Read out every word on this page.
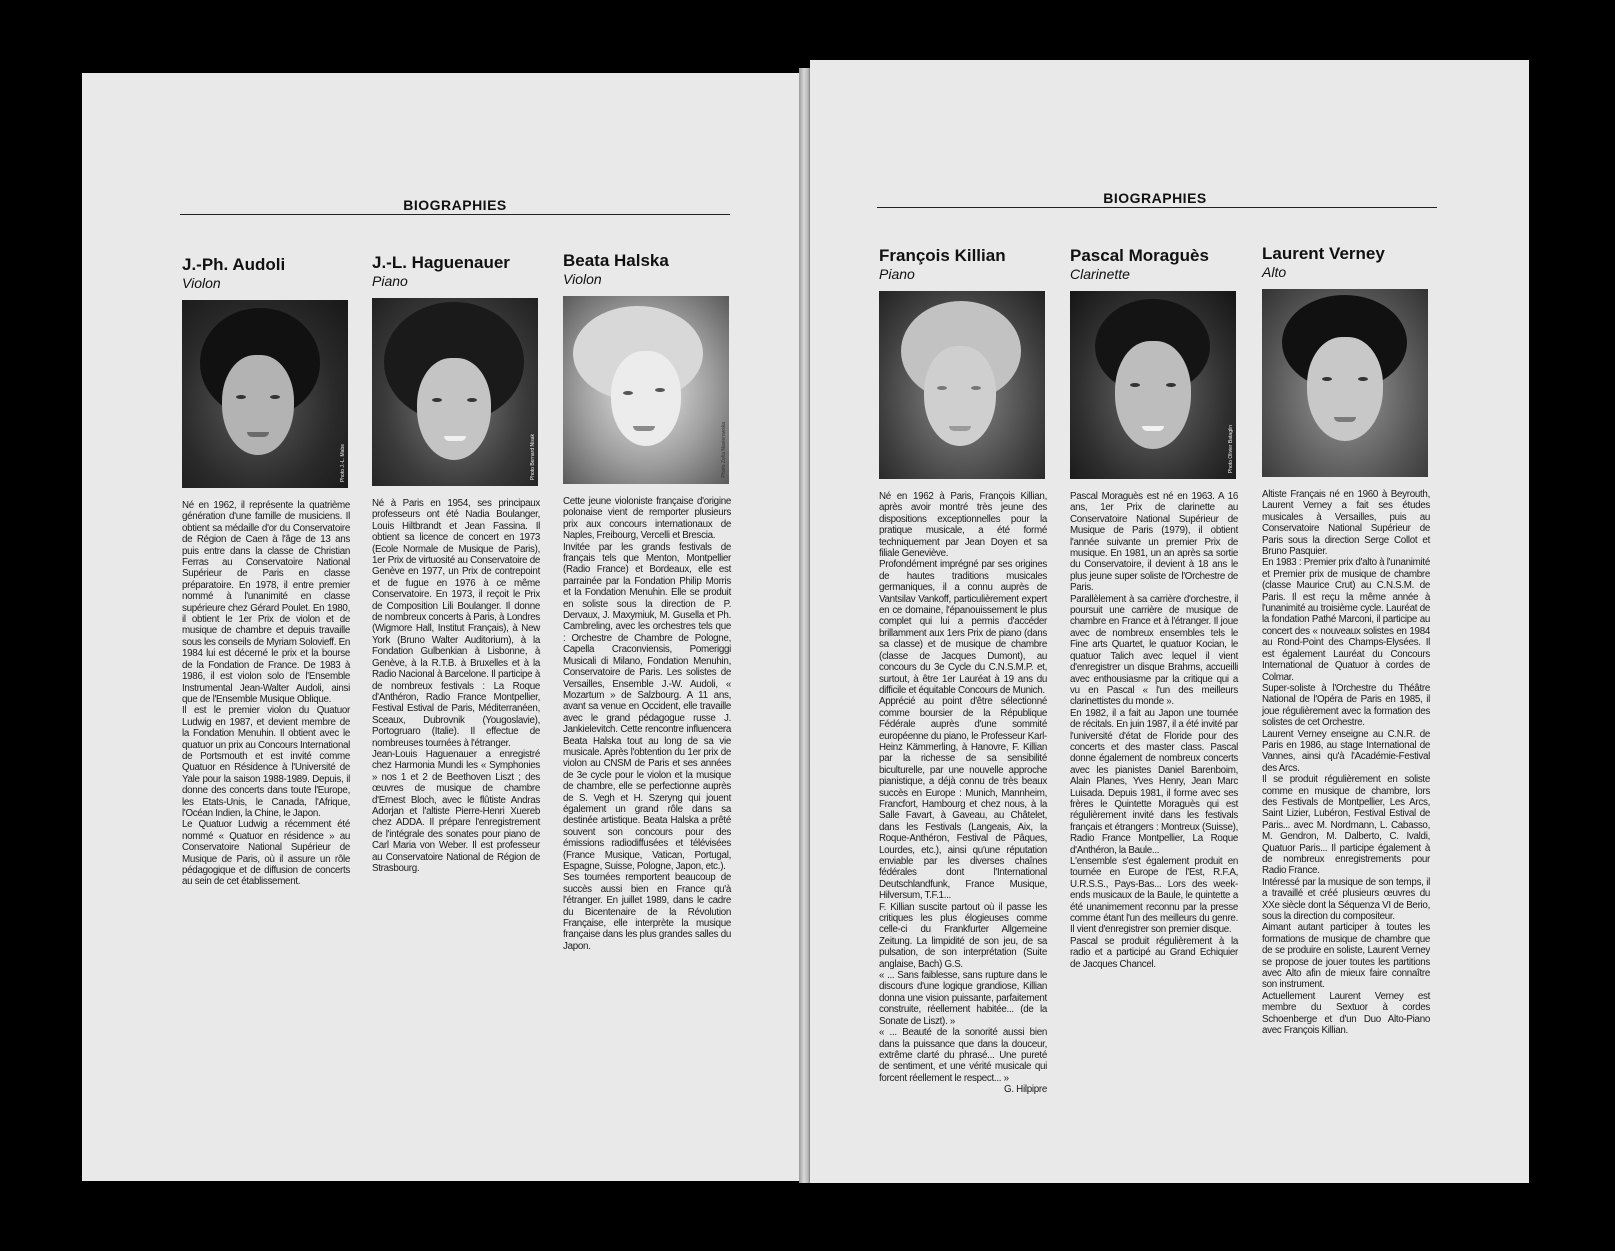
BIOGRAPHIES
J.-Ph. Audoli
Violon
Photo J.-L. Mabe

Né en 1962, il représente la quatrième génération d'une famille de musiciens. Il obtient sa médaille d'or du Conservatoire de Région de Caen à l'âge de 13 ans puis entre dans la classe de Christian Ferras au Conservatoire National Supérieur de Paris en classe préparatoire. En 1978, il entre premier nommé à l'unanimité en classe supérieure chez Gérard Poulet. En 1980, il obtient le 1er Prix de violon et de musique de chambre et depuis travaille sous les conseils de Myriam Solovieff. En 1984 lui est décerné le prix et la bourse de la Fondation de France. De 1983 à 1986, il est violon solo de l'Ensemble Instrumental Jean-Walter Audoli, ainsi que de l'Ensemble Musique Oblique.

Il est le premier violon du Quatuor Ludwig en 1987, et devient membre de la Fondation Menuhin. Il obtient avec le quatuor un prix au Concours International de Portsmouth et est invité comme Quatuor en Résidence à l'Université de Yale pour la saison 1988-1989. Depuis, il donne des concerts dans toute l'Europe, les Etats-Unis, le Canada, l'Afrique, l'Océan Indien, la Chine, le Japon.

Le Quatuor Ludwig a récemment été nommé « Quatuor en résidence » au Conservatoire National Supérieur de Musique de Paris, où il assure un rôle pédagogique et de diffusion de concerts au sein de cet établissement.

J.-L. Haguenauer
Piano
Photo Bernard Nisak

Né à Paris en 1954, ses principaux professeurs ont été Nadia Boulanger, Louis Hiltbrandt et Jean Fassina. Il obtient sa licence de concert en 1973 (Ecole Normale de Musique de Paris), 1er Prix de virtuosité au Conservatoire de Genève en 1977, un Prix de contrepoint et de fugue en 1976 à ce même Conservatoire. En 1973, il reçoit le Prix de Composition Lili Boulanger. Il donne de nombreux concerts à Paris, à Londres (Wigmore Hall, Institut Français), à New York (Bruno Walter Auditorium), à la Fondation Gulbenkian à Lisbonne, à Genève, à la R.T.B. à Bruxelles et à la Radio Nacional à Barcelone. Il participe à de nombreux festivals : La Roque d'Anthéron, Radio France Montpellier, Festival Estival de Paris, Méditerranéen, Sceaux, Dubrovnik (Yougoslavie), Portogruaro (Italie). Il effectue de nombreuses tournées à l'étranger.

Jean-Louis Haguenauer a enregistré chez Harmonia Mundi les « Symphonies » nos 1 et 2 de Beethoven Liszt ; des œuvres de musique de chambre d'Ernest Bloch, avec le flûtiste Andras Adorjan et l'altiste Pierre-Henri Xuereb chez ADDA. Il prépare l'enregistrement de l'intégrale des sonates pour piano de Carl Maria von Weber. Il est professeur au Conservatoire National de Région de Strasbourg.

Beata Halska
Violon
Photo Zofia Nasierowska

Cette jeune violoniste française d'origine polonaise vient de remporter plusieurs prix aux concours internationaux de Naples, Freibourg, Vercelli et Brescia.

Invitée par les grands festivals de français tels que Menton, Montpellier (Radio France) et Bordeaux, elle est parrainée par la Fondation Philip Morris et la Fondation Menuhin. Elle se produit en soliste sous la direction de P. Dervaux, J. Maxymiuk, M. Gusella et Ph. Cambreling, avec les orchestres tels que : Orchestre de Chambre de Pologne, Capella Craconviensis, Pomeriggi Musicali di Milano, Fondation Menuhin, Conservatoire de Paris. Les solistes de Versailles, Ensemble J.-W. Audoli, « Mozartum » de Salzbourg. A 11 ans, avant sa venue en Occident, elle travaille avec le grand pédagogue russe J. Jankielevitch. Cette rencontre influencera Beata Halska tout au long de sa vie musicale. Après l'obtention du 1er prix de violon au CNSM de Paris et ses années de 3e cycle pour le violon et la musique de chambre, elle se perfectionne auprès de S. Vegh et H. Szeryng qui jouent également un grand rôle dans sa destinée artistique. Beata Halska a prêté souvent son concours pour des émissions radiodiffusées et télévisées (France Musique, Vatican, Portugal, Espagne, Suisse, Pologne, Japon, etc.).

Ses tournées remportent beaucoup de succès aussi bien en France qu'à l'étranger. En juillet 1989, dans le cadre du Bicentenaire de la Révolution Française, elle interprète la musique française dans les plus grandes salles du Japon.

BIOGRAPHIES
François Killian
Piano

Né en 1962 à Paris, François Killian, après avoir montré très jeune des dispositions exceptionnelles pour la pratique musicale, a été formé techniquement par Jean Doyen et sa filiale Geneviève.

Profondément imprégné par ses origines de hautes traditions musicales germaniques, il a connu auprès de Vantsilav Vankoff, particulièrement expert en ce domaine, l'épanouissement le plus complet qui lui a permis d'accéder brillamment aux 1ers Prix de piano (dans sa classe) et de musique de chambre (classe de Jacques Dumont), au concours du 3e Cycle du C.N.S.M.P. et, surtout, à être 1er Lauréat à 19 ans du difficile et équitable Concours de Munich.

Apprécié au point d'être sélectionné comme boursier de la République Fédérale auprès d'une sommité européenne du piano, le Professeur Karl-Heinz Kämmerling, à Hanovre, F. Killian par la richesse de sa sensibilité biculturelle, par une nouvelle approche pianistique, a déjà connu de très beaux succès en Europe : Munich, Mannheim, Francfort, Hambourg et chez nous, à la Salle Favart, à Gaveau, au Châtelet, dans les Festivals (Langeais, Aix, la Roque-Anthéron, Festival de Pâques, Lourdes, etc.), ainsi qu'une réputation enviable par les diverses chaînes fédérales dont l'International Deutschlandfunk, France Musique, Hilversum, T.F.1...

F. Killian suscite partout où il passe les critiques les plus élogieuses comme celle-ci du Frankfurter Allgemeine Zeitung. La limpidité de son jeu, de sa pulsation, de son interprétation (Suite anglaise, Bach) G.S.

« ... Sans faiblesse, sans rupture dans le discours d'une logique grandiose, Killian donna une vision puissante, parfaitement construite, réellement habitée... (de la Sonate de Liszt). »

« ... Beauté de la sonorité aussi bien dans la puissance que dans la douceur, extrême clarté du phrasé... Une pureté de sentiment, et une vérité musicale qui forcent réellement le respect... »

G. Hilpipre
Pascal Moraguès
Clarinette
Photo Olivier Bataglin

Pascal Moraguès est né en 1963. A 16 ans, 1er Prix de clarinette au Conservatoire National Supérieur de Musique de Paris (1979), il obtient l'année suivante un premier Prix de musique. En 1981, un an après sa sortie du Conservatoire, il devient à 18 ans le plus jeune super soliste de l'Orchestre de Paris.

Parallèlement à sa carrière d'orchestre, il poursuit une carrière de musique de chambre en France et à l'étranger. Il joue avec de nombreux ensembles tels le Fine arts Quartet, le quatuor Kocian, le quatuor Talich avec lequel il vient d'enregistrer un disque Brahms, accueilli avec enthousiasme par la critique qui a vu en Pascal « l'un des meilleurs clarinettistes du monde ».

En 1982, il a fait au Japon une tournée de récitals. En juin 1987, il a été invité par l'université d'état de Floride pour des concerts et des master class. Pascal donne également de nombreux concerts avec les pianistes Daniel Barenboim, Alain Planes, Yves Henry, Jean Marc Luisada. Depuis 1981, il forme avec ses frères le Quintette Moraguès qui est régulièrement invité dans les festivals français et étrangers : Montreux (Suisse), Radio France Montpellier, La Roque d'Anthéron, la Baule...

L'ensemble s'est également produit en tournée en Europe de l'Est, R.F.A, U.R.S.S., Pays-Bas... Lors des week-ends musicaux de la Baule, le quintette a été unanimement reconnu par la presse comme étant l'un des meilleurs du genre. Il vient d'enregistrer son premier disque.

Pascal se produit régulièrement à la radio et a participé au Grand Echiquier de Jacques Chancel.

Laurent Verney
Alto

Altiste Français né en 1960 à Beyrouth, Laurent Verney a fait ses études musicales à Versailles, puis au Conservatoire National Supérieur de Paris sous la direction Serge Collot et Bruno Pasquier.

En 1983 : Premier prix d'alto à l'unanimité et Premier prix de musique de chambre (classe Maurice Crut) au C.N.S.M. de Paris. Il est reçu la même année à l'unanimité au troisième cycle. Lauréat de la fondation Pathé Marconi, il participe au concert des « nouveaux solistes en 1984 au Rond-Point des Champs-Elysées. Il est également Lauréat du Concours International de Quatuor à cordes de Colmar.

Super-soliste à l'Orchestre du Théâtre National de l'Opéra de Paris en 1985, il joue régulièrement avec la formation des solistes de cet Orchestre.

Laurent Verney enseigne au C.N.R. de Paris en 1986, au stage International de Vannes, ainsi qu'à l'Académie-Festival des Arcs.

Il se produit régulièrement en soliste comme en musique de chambre, lors des Festivals de Montpellier, Les Arcs, Saint Lizier, Lubéron, Festival Estival de Paris... avec M. Nordmann, L. Cabasso, M. Gendron, M. Dalberto, C. Ivaldi, Quatuor Paris... Il participe également à de nombreux enregistrements pour Radio France.

Intéressé par la musique de son temps, il a travaillé et créé plusieurs œuvres du XXe siècle dont la Séquenza VI de Berio, sous la direction du compositeur.

Aimant autant participer à toutes les formations de musique de chambre que de se produire en soliste, Laurent Verney se propose de jouer toutes les partitions avec Alto afin de mieux faire connaître son instrument.

Actuellement Laurent Verney est membre du Sextuor à cordes Schoenberge et d'un Duo Alto-Piano avec François Killian.
